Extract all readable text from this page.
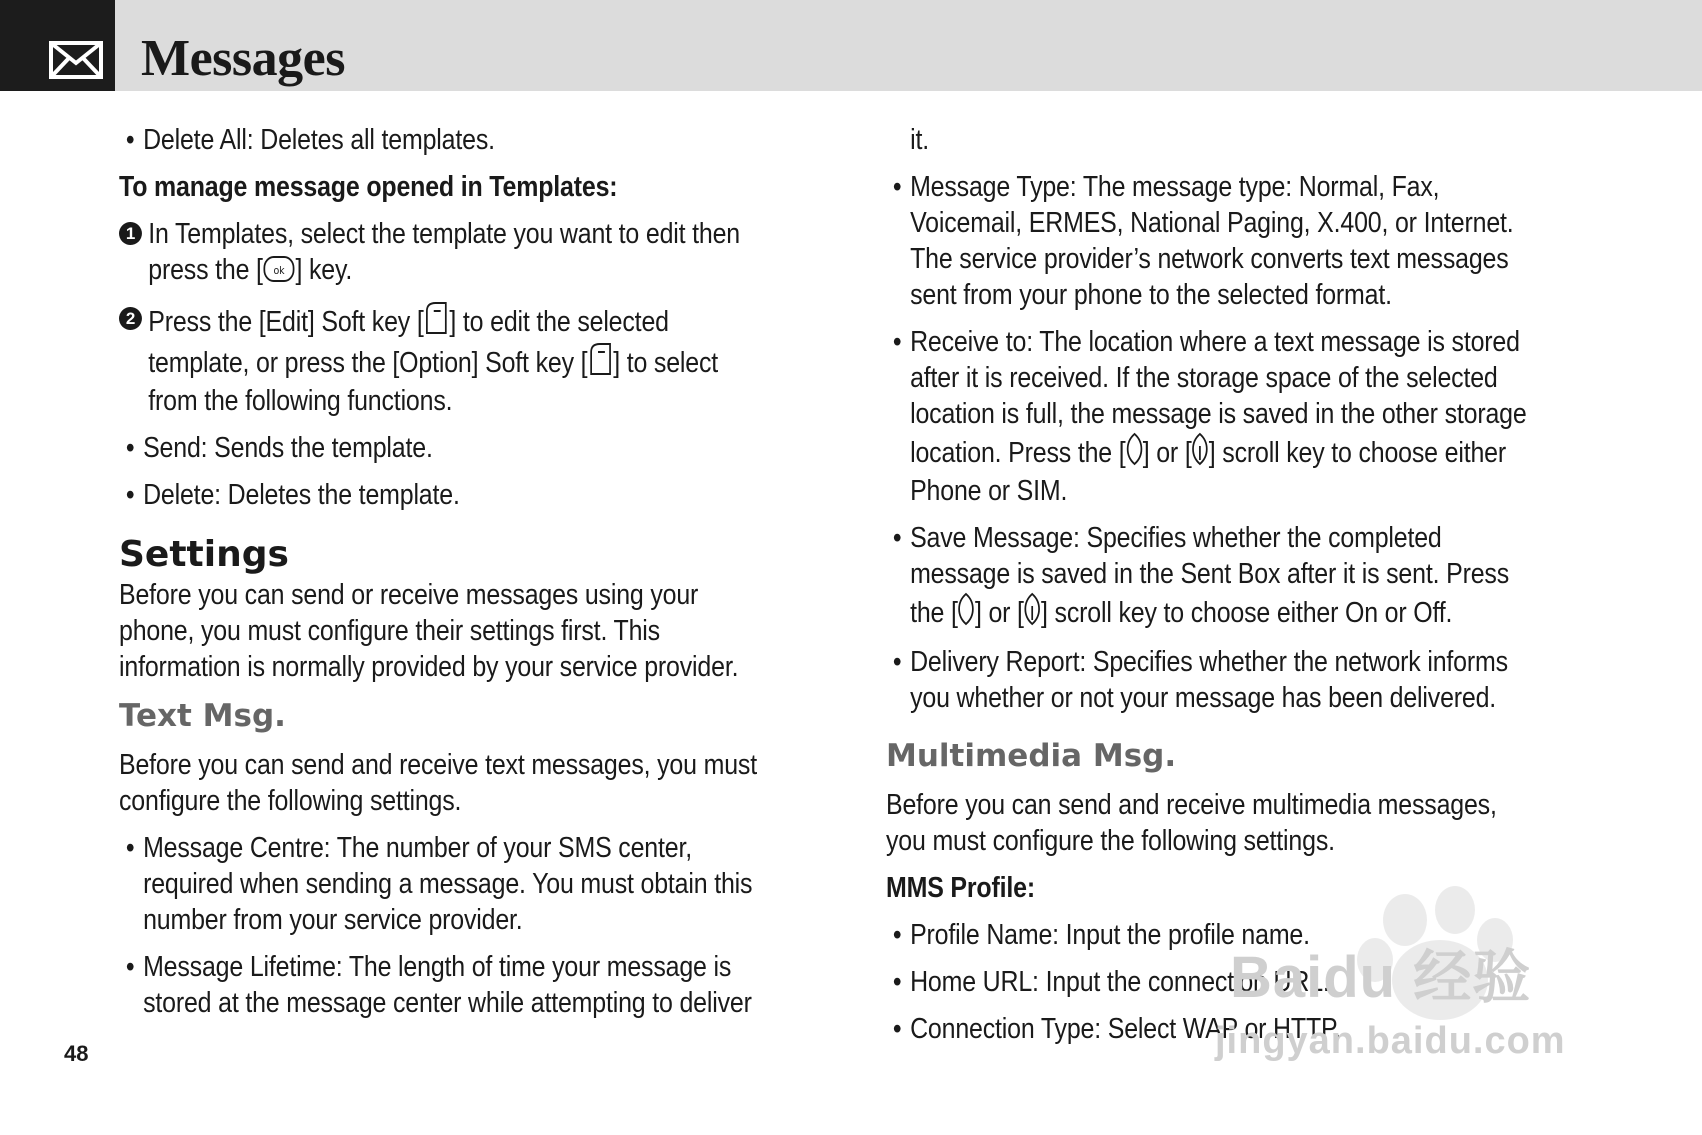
Messages
• Delete All: Deletes all templates.
To manage message opened in Templates:
1 In Templates, select the template you want to edit then
press the [ ok ] key.
2 Press the [Edit] Soft key [ ] to edit the selected
template, or press the [Option] Soft key [ ] to select
from the following functions.
• Send: Sends the template.
• Delete: Deletes the template.
Settings
Before you can send or receive messages using your
phone, you must configure their settings first. This
information is normally provided by your service provider.
Text Msg.
Before you can send and receive text messages, you must
configure the following settings.
• Message Centre: The number of your SMS center,
required when sending a message. You must obtain this
number from your service provider.
• Message Lifetime: The length of time your message is
stored at the message center while attempting to deliver
it.
• Message Type: The message type: Normal, Fax,
Voicemail, ERMES, National Paging, X.400, or Internet.
The service provider’s network converts text messages
sent from your phone to the selected format.
• Receive to: The location where a text message is stored
after it is received. If the storage space of the selected
location is full, the message is saved in the other storage
location. Press the [ ] or [ ] scroll key to choose either
Phone or SIM.
• Save Message: Specifies whether the completed
message is saved in the Sent Box after it is sent. Press
the [ ] or [ ] scroll key to choose either On or Off.
• Delivery Report: Specifies whether the network informs
you whether or not your message has been delivered.
Multimedia Msg.
Before you can send and receive multimedia messages,
you must configure the following settings.
MMS Profile:
• Profile Name: Input the profile name.
• Home URL: Input the connection URL.
• Connection Type: Select WAP or HTTP.
48
Baidu 经验
jingyan.baidu.com
